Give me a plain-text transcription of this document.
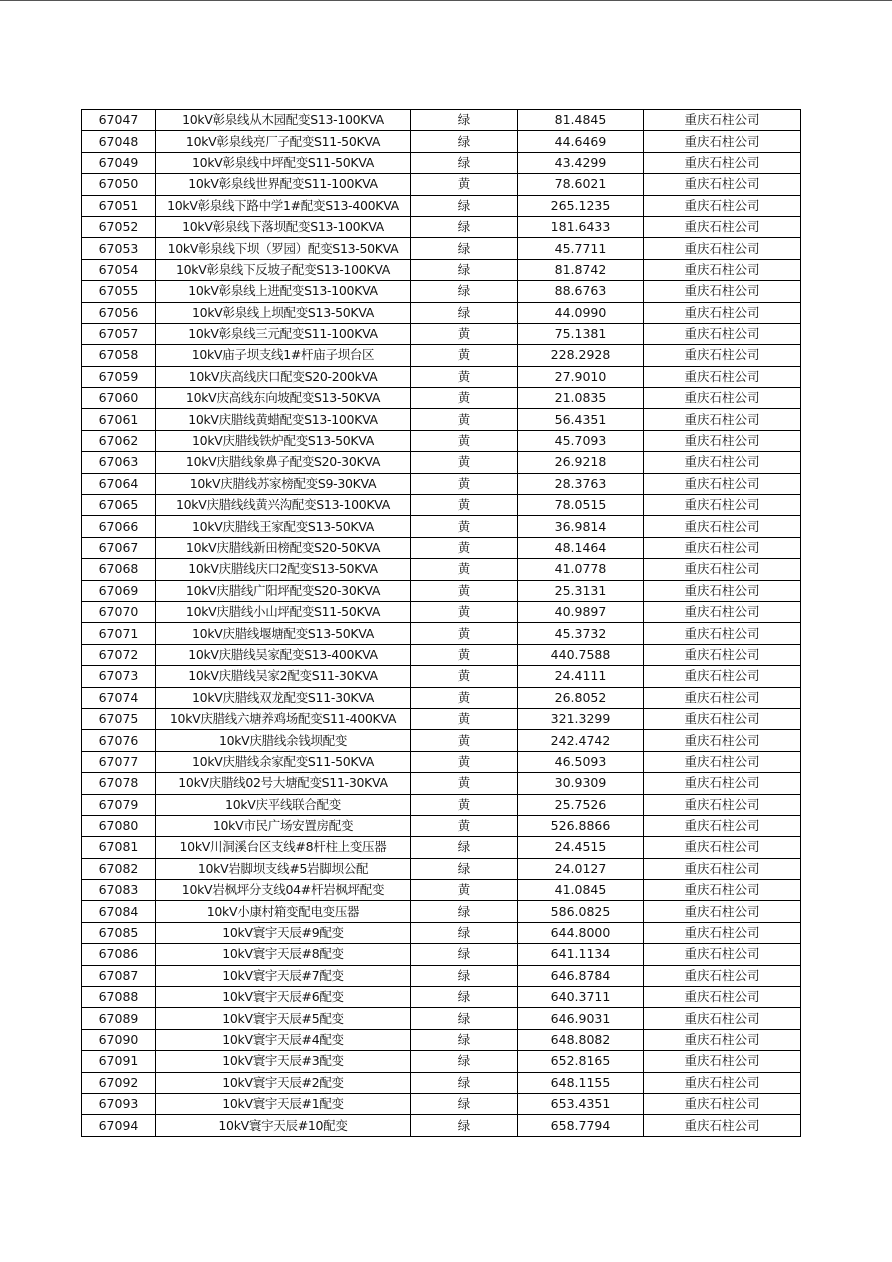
67047	10kV彰泉线从木园配变S13-100KVA	绿	81.4845	重庆石柱公司
67048	10kV彰泉线亮厂子配变S11-50KVA	绿	44.6469	重庆石柱公司
67049	10kV彰泉线中坪配变S11-50KVA	绿	43.4299	重庆石柱公司
67050	10kV彰泉线世界配变S11-100KVA	黄	78.6021	重庆石柱公司
67051	10kV彰泉线下路中学1#配变S13-400KVA	绿	265.1235	重庆石柱公司
67052	10kV彰泉线下落坝配变S13-100KVA	绿	181.6433	重庆石柱公司
67053	10kV彰泉线下坝（罗园）配变S13-50KVA	绿	45.7711	重庆石柱公司
67054	10kV彰泉线下反坡子配变S13-100KVA	绿	81.8742	重庆石柱公司
67055	10kV彰泉线上进配变S13-100KVA	绿	88.6763	重庆石柱公司
67056	10kV彰泉线上坝配变S13-50KVA	绿	44.0990	重庆石柱公司
67057	10kV彰泉线三元配变S11-100KVA	黄	75.1381	重庆石柱公司
67058	10kV庙子坝支线1#杆庙子坝台区	黄	228.2928	重庆石柱公司
67059	10kV庆高线庆口配变S20-200kVA	黄	27.9010	重庆石柱公司
67060	10kV庆高线东向坡配变S13-50KVA	黄	21.0835	重庆石柱公司
67061	10kV庆腊线黄蜡配变S13-100KVA	黄	56.4351	重庆石柱公司
67062	10kV庆腊线铁炉配变S13-50KVA	黄	45.7093	重庆石柱公司
67063	10kV庆腊线象鼻子配变S20-30KVA	黄	26.9218	重庆石柱公司
67064	10kV庆腊线苏家榜配变S9-30KVA	黄	28.3763	重庆石柱公司
67065	10kV庆腊线线黄兴沟配变S13-100KVA	黄	78.0515	重庆石柱公司
67066	10kV庆腊线王家配变S13-50KVA	黄	36.9814	重庆石柱公司
67067	10kV庆腊线新田榜配变S20-50KVA	黄	48.1464	重庆石柱公司
67068	10kV庆腊线庆口2配变S13-50KVA	黄	41.0778	重庆石柱公司
67069	10kV庆腊线广阳坪配变S20-30KVA	黄	25.3131	重庆石柱公司
67070	10kV庆腊线小山坪配变S11-50KVA	黄	40.9897	重庆石柱公司
67071	10kV庆腊线堰塘配变S13-50KVA	黄	45.3732	重庆石柱公司
67072	10kV庆腊线吴家配变S13-400KVA	黄	440.7588	重庆石柱公司
67073	10kV庆腊线吴家2配变S11-30KVA	黄	24.4111	重庆石柱公司
67074	10kV庆腊线双龙配变S11-30KVA	黄	26.8052	重庆石柱公司
67075	10kV庆腊线六塘养鸡场配变S11-400KVA	黄	321.3299	重庆石柱公司
67076	10kV庆腊线余钱坝配变	黄	242.4742	重庆石柱公司
67077	10kV庆腊线余家配变S11-50KVA	黄	46.5093	重庆石柱公司
67078	10kV庆腊线02号大塘配变S11-30KVA	黄	30.9309	重庆石柱公司
67079	10kV庆平线联合配变	黄	25.7526	重庆石柱公司
67080	10kV市民广场安置房配变	黄	526.8866	重庆石柱公司
67081	10kV川洞溪台区支线#8杆柱上变压器	绿	24.4515	重庆石柱公司
67082	10kV岩脚坝支线#5岩脚坝公配	绿	24.0127	重庆石柱公司
67083	10kV岩枫坪分支线04#杆岩枫坪配变	黄	41.0845	重庆石柱公司
67084	10kV小康村箱变配电变压器	绿	586.0825	重庆石柱公司
67085	10kV寰宇天辰#9配变	绿	644.8000	重庆石柱公司
67086	10kV寰宇天辰#8配变	绿	641.1134	重庆石柱公司
67087	10kV寰宇天辰#7配变	绿	646.8784	重庆石柱公司
67088	10kV寰宇天辰#6配变	绿	640.3711	重庆石柱公司
67089	10kV寰宇天辰#5配变	绿	646.9031	重庆石柱公司
67090	10kV寰宇天辰#4配变	绿	648.8082	重庆石柱公司
67091	10kV寰宇天辰#3配变	绿	652.8165	重庆石柱公司
67092	10kV寰宇天辰#2配变	绿	648.1155	重庆石柱公司
67093	10kV寰宇天辰#1配变	绿	653.4351	重庆石柱公司
67094	10kV寰宇天辰#10配变	绿	658.7794	重庆石柱公司
